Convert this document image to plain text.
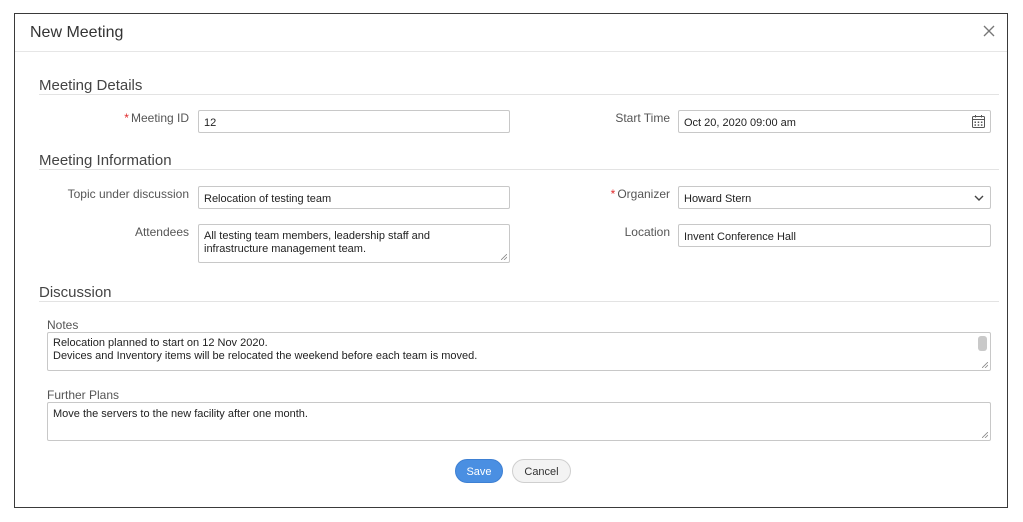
New Meeting
Meeting Details
* Meeting ID	12	Start Time	Oct 20, 2020 09:00 am
Meeting Information
Topic under discussion	Relocation of testing team	* Organizer	Howard Stern
Attendees All testing team members, leadership staff and
infrastructure management team.
Location	Invent Conference Hall
Discussion
Notes
Relocation planned to start on 12 Nov 2020.
Devices and Inventory items will be relocated the weekend before each team is moved.
Further Plans
Move the servers to the new facility after one month.
Save	Cancel
